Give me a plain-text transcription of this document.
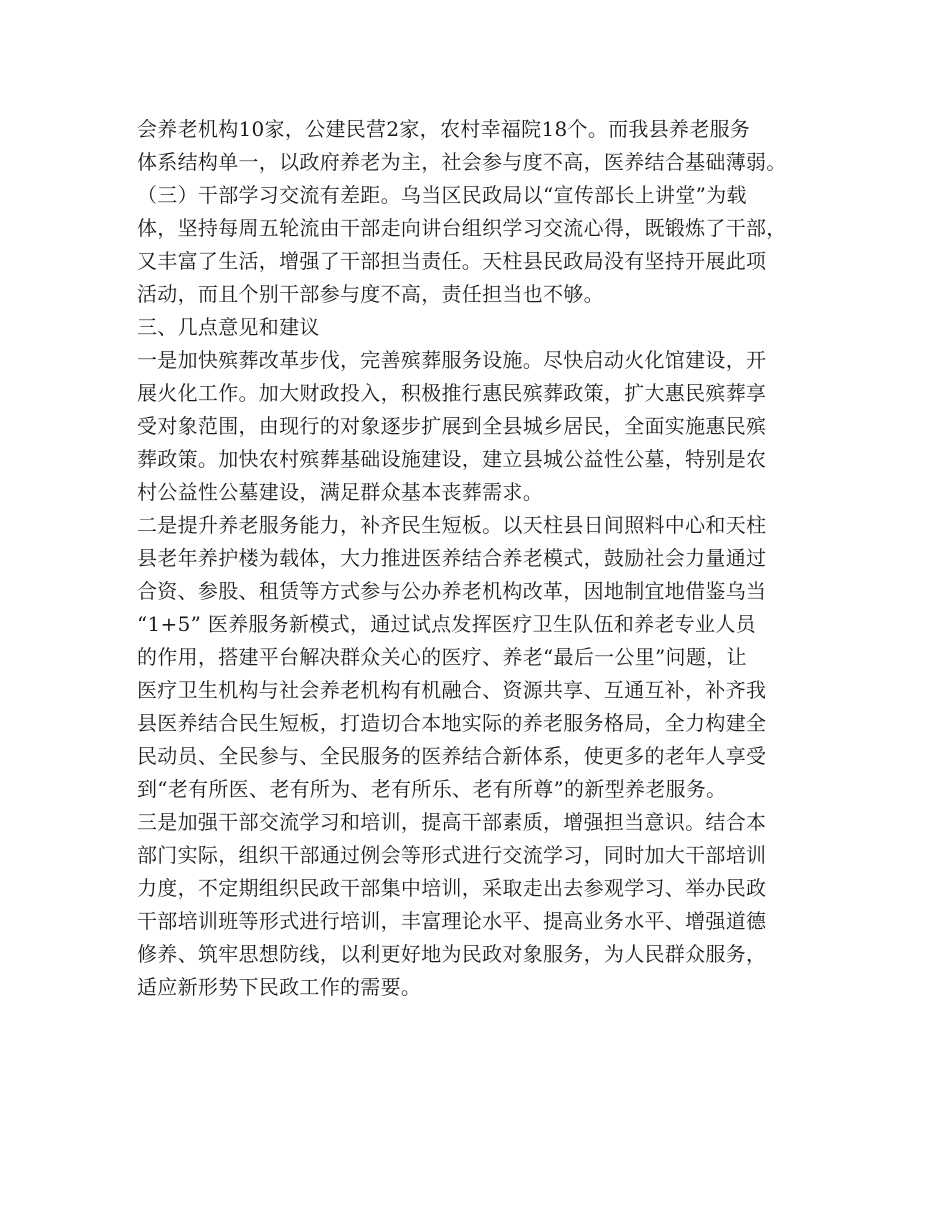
会养老机构10家，公建民营2家，农村幸福院18个。而我县养老服务
体系结构单一，以政府养老为主，社会参与度不高，医养结合基础薄弱。
（三）干部学习交流有差距。乌当区民政局以“宣传部长上讲堂”为载
体，坚持每周五轮流由干部走向讲台组织学习交流心得，既锻炼了干部，
又丰富了生活，增强了干部担当责任。天柱县民政局没有坚持开展此项
活动，而且个别干部参与度不高，责任担当也不够。
三、几点意见和建议
一是加快殡葬改革步伐，完善殡葬服务设施。尽快启动火化馆建设，开
展火化工作。加大财政投入，积极推行惠民殡葬政策，扩大惠民殡葬享
受对象范围，由现行的对象逐步扩展到全县城乡居民，全面实施惠民殡
葬政策。加快农村殡葬基础设施建设，建立县城公益性公墓，特别是农
村公益性公墓建设，满足群众基本丧葬需求。
二是提升养老服务能力，补齐民生短板。以天柱县日间照料中心和天柱
县老年养护楼为载体，大力推进医养结合养老模式，鼓励社会力量通过
合资、参股、租赁等方式参与公办养老机构改革，因地制宜地借鉴乌当
“1+5” 医养服务新模式，通过试点发挥医疗卫生队伍和养老专业人员
的作用，搭建平台解决群众关心的医疗、养老“最后一公里”问题，让
医疗卫生机构与社会养老机构有机融合、资源共享、互通互补，补齐我
县医养结合民生短板，打造切合本地实际的养老服务格局，全力构建全
民动员、全民参与、全民服务的医养结合新体系，使更多的老年人享受
到“老有所医、老有所为、老有所乐、老有所尊”的新型养老服务。
三是加强干部交流学习和培训，提高干部素质，增强担当意识。结合本
部门实际，组织干部通过例会等形式进行交流学习，同时加大干部培训
力度，不定期组织民政干部集中培训，采取走出去参观学习、举办民政
干部培训班等形式进行培训，丰富理论水平、提高业务水平、增强道德
修养、筑牢思想防线，以利更好地为民政对象服务，为人民群众服务，
适应新形势下民政工作的需要。
